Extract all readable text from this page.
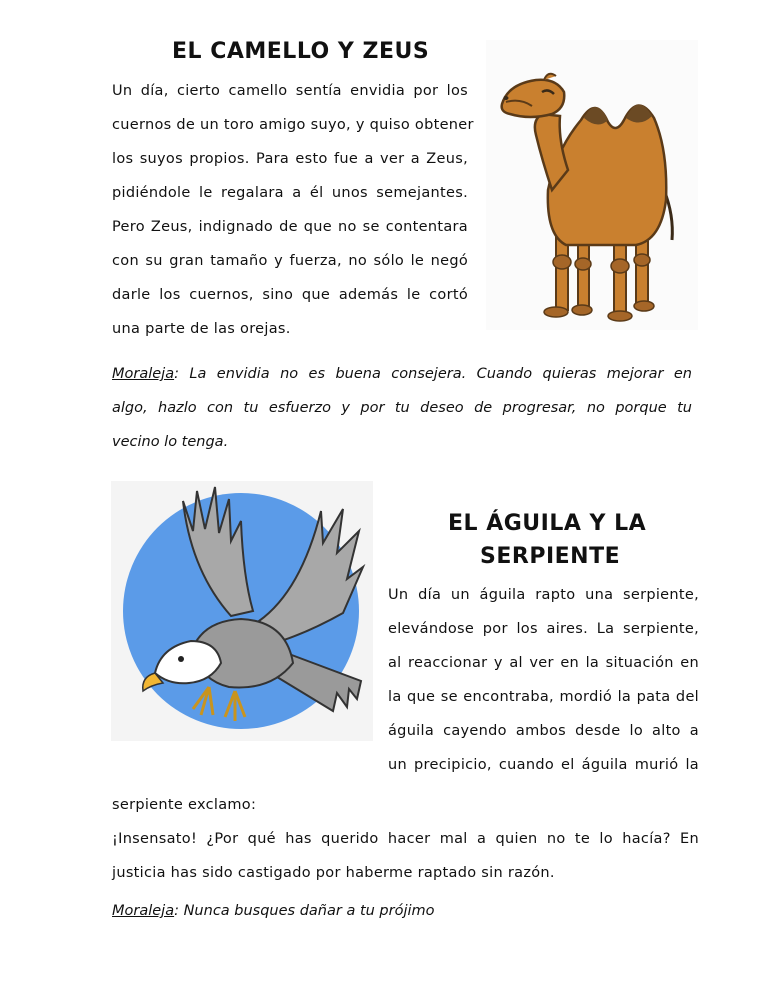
EL CAMELLO Y ZEUS
Un día, cierto camello sentía envidia por los
cuernos de un toro amigo suyo, y quiso obtener
los suyos propios. Para esto fue a ver a Zeus,
pidiéndole le regalara a él unos semejantes.
Pero Zeus, indignado de que no se contentara
con su gran tamaño y fuerza, no sólo le negó
darle los cuernos, sino que además le cortó
una parte de las orejas.
Moraleja: La envidia no es buena consejera. Cuando quieras mejorar en
algo, hazlo con tu esfuerzo y por tu deseo de progresar, no porque tu
vecino lo tenga.
EL ÁGUILA Y LA
SERPIENTE
Un día un águila rapto una serpiente,
elevándose por los aires. La serpiente,
al reaccionar y al ver en la situación en
la que se encontraba, mordió la pata del
águila cayendo ambos desde lo alto a
un precipicio, cuando el águila murió la
serpiente exclamo:
¡Insensato! ¿Por qué has querido hacer mal a quien no te lo hacía? En
justicia has sido castigado por haberme raptado sin razón.
Moraleja: Nunca busques dañar a tu prójimo
